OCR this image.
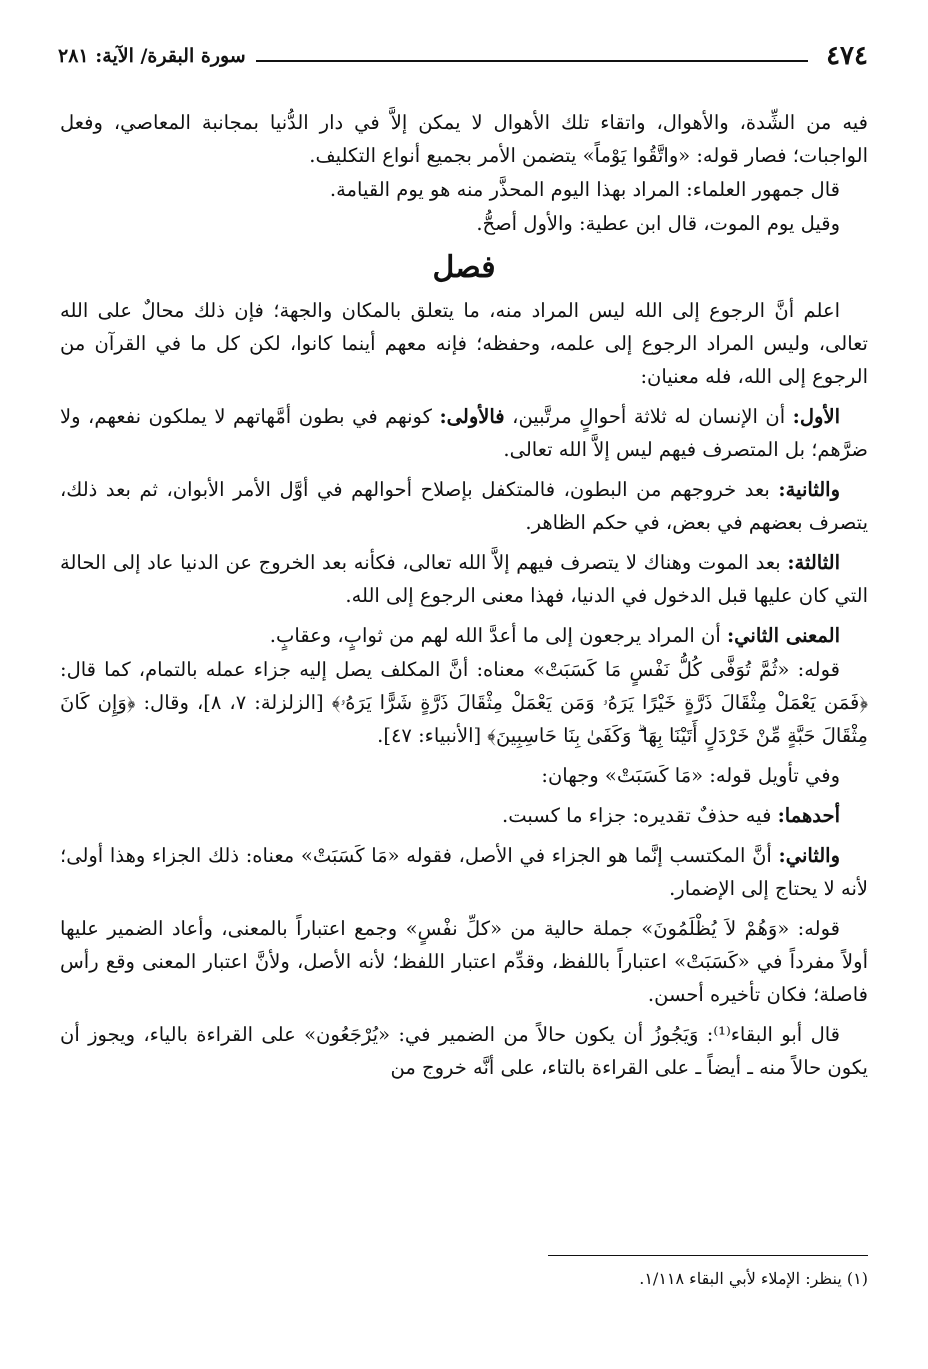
٤٧٤
سورة البقرة/ الآية: ٢٨١

فيه من الشِّدة، والأهوال، واتقاء تلك الأهوال لا يمكن إلاَّ في دار الدُّنيا بمجانبة المعاصي، وفعل الواجبات؛ فصار قوله: «واتَّقُوا يَوْماً» يتضمن الأمر بجميع أنواع التكليف.

قال جمهور العلماء: المراد بهذا اليوم المحذَّر منه هو يوم القيامة.

وقيل يوم الموت، قال ابن عطية: والأول أصحُّ.

فصل

اعلم أنَّ الرجوع إلى الله ليس المراد منه، ما يتعلق بالمكان والجهة؛ فإن ذلك محالٌ على الله تعالى، وليس المراد الرجوع إلى علمه، وحفظه؛ فإنه معهم أينما كانوا، لكن كل ما في القرآن من الرجوع إلى الله، فله معنيان:

الأول: أن الإنسان له ثلاثة أحوالٍ مرتَّبين، فالأولى: كونهم في بطون أمَّهاتهم لا يملكون نفعهم، ولا ضرَّهم؛ بل المتصرف فيهم ليس إلاَّ الله تعالى.

والثانية: بعد خروجهم من البطون، فالمتكفل بإصلاح أحوالهم في أوَّل الأمر الأبوان، ثم بعد ذلك، يتصرف بعضهم في بعض، في حكم الظاهر.

الثالثة: بعد الموت وهناك لا يتصرف فيهم إلاَّ الله تعالى، فكأنه بعد الخروج عن الدنيا عاد إلى الحالة التي كان عليها قبل الدخول في الدنيا، فهذا معنى الرجوع إلى الله.

المعنى الثاني: أن المراد يرجعون إلى ما أعدَّ الله لهم من ثوابٍ، وعقابٍ.

قوله: «ثُمَّ تُوَفَّى كُلُّ نَفْسٍ مَا كَسَبَتْ» معناه: أنَّ المكلف يصل إليه جزاء عمله بالتمام، كما قال: ﴿فَمَن يَعْمَلْ مِثْقَالَ ذَرَّةٍ خَيْرًا يَرَهُۥ وَمَن يَعْمَلْ مِثْقَالَ ذَرَّةٍ شَرًّا يَرَهُۥ﴾ [الزلزلة: ٧، ٨]، وقال: ﴿وَإِن كَانَ مِثْقَالَ حَبَّةٍ مِّنْ خَرْدَلٍ أَتَيْنَا بِهَا ۗ وَكَفَىٰ بِنَا حَاسِبِينَ﴾ [الأنبياء: ٤٧].

وفي تأويل قوله: «مَا كَسَبَتْ» وجهان:

أحدهما: فيه حذفٌ تقديره: جزاء ما كسبت.

والثاني: أنَّ المكتسب إنَّما هو الجزاء في الأصل، فقوله «مَا كَسَبَتْ» معناه: ذلك الجزاء وهذا أولى؛ لأنه لا يحتاج إلى الإضمار.

قوله: «وَهُمْ لاَ يُظْلَمُونَ» جملة حالية من «كلِّ نفْسٍ» وجمع اعتباراً بالمعنى، وأعاد الضمير عليها أولاً مفرداً في «كَسَبَتْ» اعتباراً باللفظ، وقدِّم اعتبار اللفظ؛ لأنه الأصل، ولأنَّ اعتبار المعنى وقع رأس فاصلة؛ فكان تأخيره أحسن.

قال أبو البقاء⁽¹⁾: وَيَجُوزُ أن يكون حالاً من الضمير في: «يُرْجَعُون» على القراءة بالياء، ويجوز أن يكون حالاً منه ـ أيضاً ـ على القراءة بالتاء، على أنَّه خروج من

(١) ينظر: الإملاء لأبي البقاء ١/١١٨.
